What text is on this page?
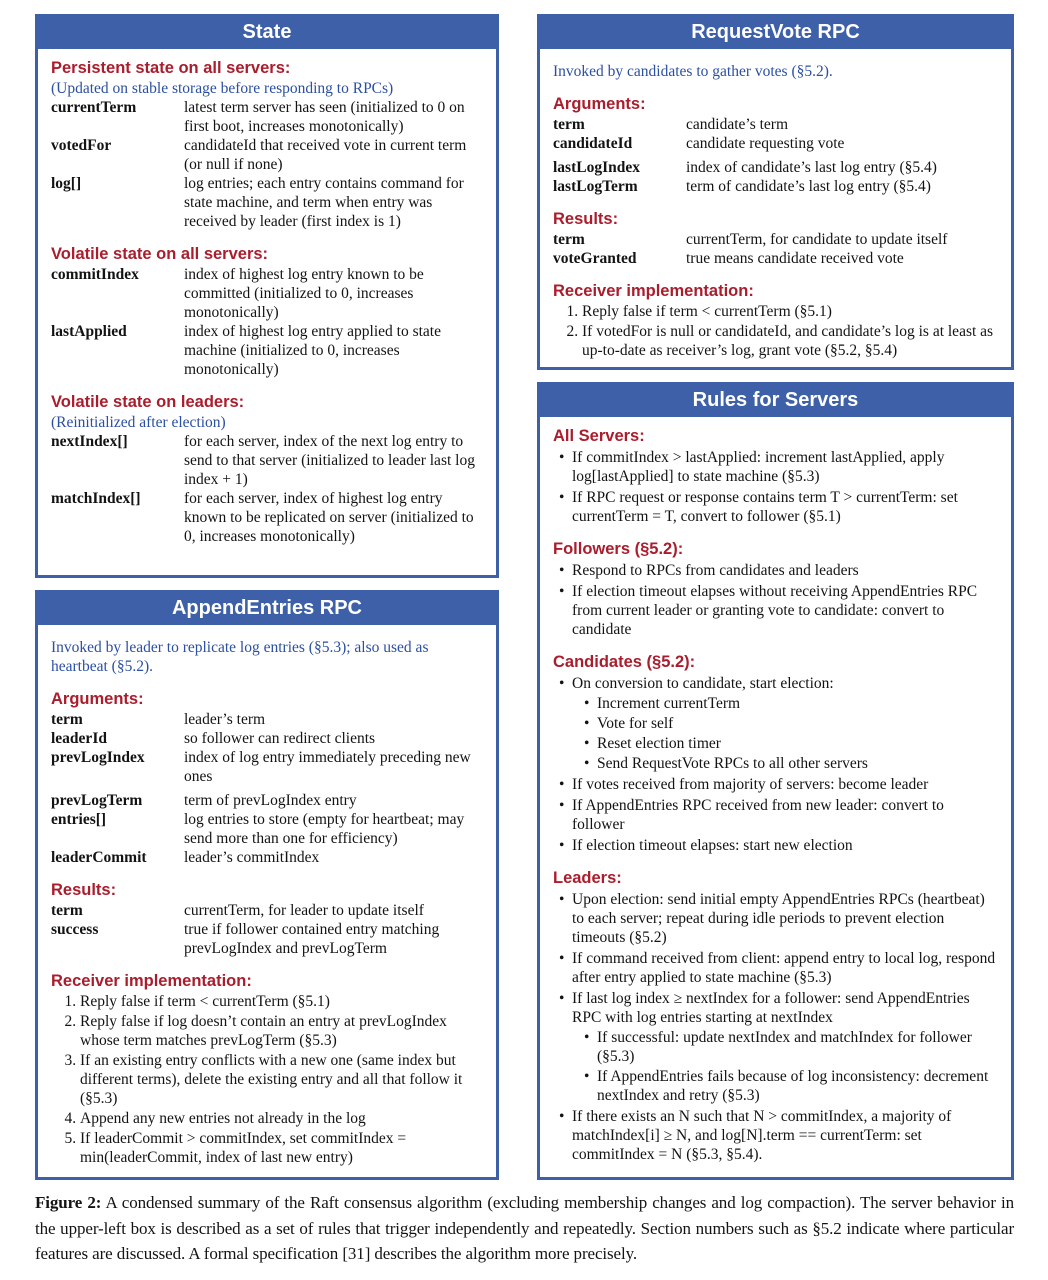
State
Persistent state on all servers:
(Updated on stable storage before responding to RPCs)
currentTerm	latest term server has seen (initialized to 0 on first boot, increases monotonically)
votedFor	candidateId that received vote in current term (or null if none)
log[]	log entries; each entry contains command for state machine, and term when entry was received by leader (first index is 1)
Volatile state on all servers:
commitIndex	index of highest log entry known to be committed (initialized to 0, increases monotonically)
lastApplied	index of highest log entry applied to state machine (initialized to 0, increases monotonically)
Volatile state on leaders:
(Reinitialized after election)
nextIndex[]	for each server, index of the next log entry to send to that server (initialized to leader last log index + 1)
matchIndex[]	for each server, index of highest log entry known to be replicated on server (initialized to 0, increases monotonically)
AppendEntries RPC
Invoked by leader to replicate log entries (§5.3); also used as heartbeat (§5.2).
Arguments:
term	leader’s term
leaderId	so follower can redirect clients
prevLogIndex	index of log entry immediately preceding new ones
prevLogTerm	term of prevLogIndex entry
entries[]	log entries to store (empty for heartbeat; may send more than one for efficiency)
leaderCommit	leader’s commitIndex
Results:
term	currentTerm, for leader to update itself
success	true if follower contained entry matching prevLogIndex and prevLogTerm
Receiver implementation:
1. Reply false if term < currentTerm (§5.1)
2. Reply false if log doesn’t contain an entry at prevLogIndex whose term matches prevLogTerm (§5.3)
3. If an existing entry conflicts with a new one (same index but different terms), delete the existing entry and all that follow it (§5.3)
4. Append any new entries not already in the log
5. If leaderCommit > commitIndex, set commitIndex = min(leaderCommit, index of last new entry)
RequestVote RPC
Invoked by candidates to gather votes (§5.2).
Arguments:
term	candidate’s term
candidateId	candidate requesting vote
lastLogIndex	index of candidate’s last log entry (§5.4)
lastLogTerm	term of candidate’s last log entry (§5.4)
Results:
term	currentTerm, for candidate to update itself
voteGranted	true means candidate received vote
Receiver implementation:
1. Reply false if term < currentTerm (§5.1)
2. If votedFor is null or candidateId, and candidate’s log is at least as up-to-date as receiver’s log, grant vote (§5.2, §5.4)
Rules for Servers
All Servers:
• If commitIndex > lastApplied: increment lastApplied, apply log[lastApplied] to state machine (§5.3)
• If RPC request or response contains term T > currentTerm: set currentTerm = T, convert to follower (§5.1)
Followers (§5.2):
• Respond to RPCs from candidates and leaders
• If election timeout elapses without receiving AppendEntries RPC from current leader or granting vote to candidate: convert to candidate
Candidates (§5.2):
• On conversion to candidate, start election:
• Increment currentTerm
• Vote for self
• Reset election timer
• Send RequestVote RPCs to all other servers
• If votes received from majority of servers: become leader
• If AppendEntries RPC received from new leader: convert to follower
• If election timeout elapses: start new election
Leaders:
• Upon election: send initial empty AppendEntries RPCs (heartbeat) to each server; repeat during idle periods to prevent election timeouts (§5.2)
• If command received from client: append entry to local log, respond after entry applied to state machine (§5.3)
• If last log index ≥ nextIndex for a follower: send AppendEntries RPC with log entries starting at nextIndex
• If successful: update nextIndex and matchIndex for follower (§5.3)
• If AppendEntries fails because of log inconsistency: decrement nextIndex and retry (§5.3)
• If there exists an N such that N > commitIndex, a majority of matchIndex[i] ≥ N, and log[N].term == currentTerm: set commitIndex = N (§5.3, §5.4).

Figure 2: A condensed summary of the Raft consensus algorithm (excluding membership changes and log compaction). The server behavior in the upper-left box is described as a set of rules that trigger independently and repeatedly. Section numbers such as §5.2 indicate where particular features are discussed. A formal specification [31] describes the algorithm more precisely.
